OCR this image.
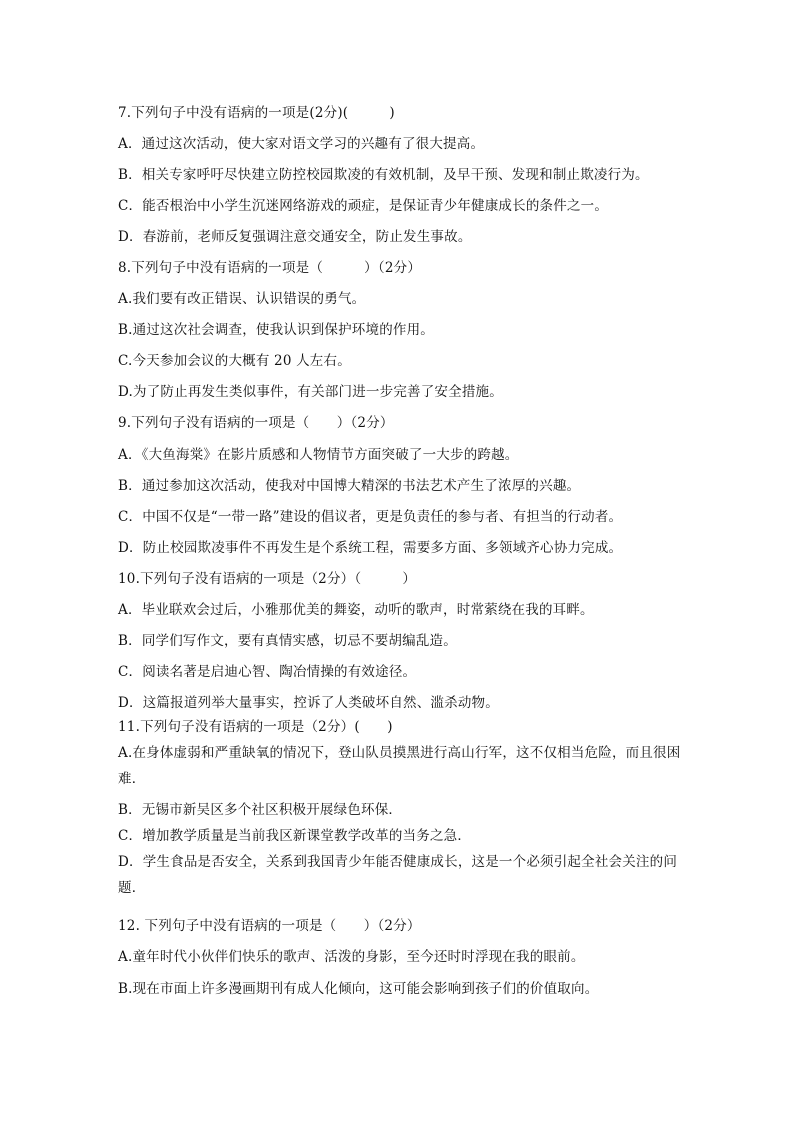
7.下列句子中没有语病的一项是(2分)(　　　)
A．通过这次活动，使大家对语文学习的兴趣有了很大提高。
B．相关专家呼吁尽快建立防控校园欺凌的有效机制，及早干预、发现和制止欺凌行为。
C．能否根治中小学生沉迷网络游戏的顽症，是保证青少年健康成长的条件之一。
D．春游前，老师反复强调注意交通安全，防止发生事故。
8.下列句子中没有语病的一项是（　　　）（2分）
A.我们要有改正错误、认识错误的勇气。
B.通过这次社会调查，使我认识到保护环境的作用。
C.今天参加会议的大概有 20 人左右。
D.为了防止再发生类似事件，有关部门进一步完善了安全措施。
9.下列句子没有语病的一项是（　　）（2分）
A．《大鱼海棠》在影片质感和人物情节方面突破了一大步的跨越。
B．通过参加这次活动，使我对中国博大精深的书法艺术产生了浓厚的兴趣。
C．中国不仅是“一带一路”建设的倡议者，更是负责任的参与者、有担当的行动者。
D．防止校园欺凌事件不再发生是个系统工程，需要多方面、多领域齐心协力完成。
10.下列句子没有语病的一项是（2分）（　　　）
A．毕业联欢会过后，小雅那优美的舞姿，动听的歌声，时常萦绕在我的耳畔。
B．同学们写作文，要有真情实感，切忌不要胡编乱造。
C．阅读名著是启迪心智、陶冶情操的有效途径。
D．这篇报道列举大量事实，控诉了人类破坏自然、滥杀动物。
11.下列句子没有语病的一项是（2分）(　　)
A.在身体虚弱和严重缺氧的情况下，登山队员摸黑进行高山行军，这不仅相当危险，而且很困难．
B．无锡市新吴区多个社区积极开展绿色环保．
C．增加教学质量是当前我区新课堂教学改革的当务之急．
D．学生食品是否安全，关系到我国青少年能否健康成长，这是一个必须引起全社会关注的问题．
12. 下列句子中没有语病的一项是（　　）（2分）
A.童年时代小伙伴们快乐的歌声、活泼的身影，至今还时时浮现在我的眼前。
B.现在市面上许多漫画期刊有成人化倾向，这可能会影响到孩子们的价值取向。
